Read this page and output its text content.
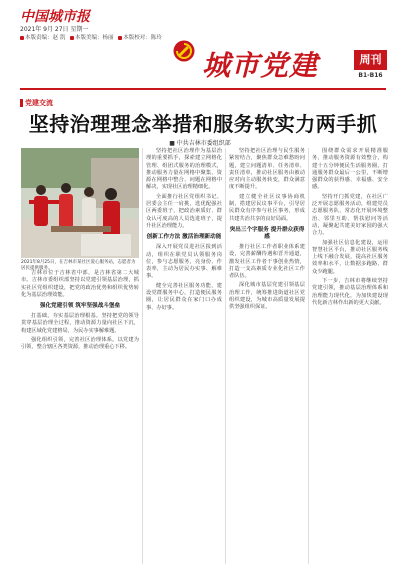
中国城市报
2021年 9月 27日 星期一
本版责编：赵 凯 本版美编：杨丽 本版校对：陈玲
城市党建	周刊
B1-B16
党建交流
坚持治理理念举措和服务软实力两手抓
■ 中共吉林市委组织部
2021年8月25日，在吉林市某社区爱心服务站，志愿者为居民提供服务。

吉林市位于吉林省中部，是吉林省第二大城市。吉林市委组织部坚持以党建引领基层治理，抓实社区党组织建设，把党的政治优势和组织优势转化为基层治理效能。

强化党建引领 筑牢坚强战斗堡垒

打基础，夯实基层治理根基。坚持把党的领导贯穿基层治理全过程，推动资源力量向社区下沉，构建区域化党建格局，为民办实事解难题。

强化组织引领，完善社区治理体系。以党建为引领，整合辖区各类资源，推动治理重心下移。

坚持把社区治理作为基层治理的重要抓手，探索建立网格化管理、组团式服务的治理模式，推动服务力量在网格中聚集、资源在网格中整合、问题在网格中解决，实现社区治理精细化。

全面推行社区党组织书记、居委会主任一肩挑，选优配强社区两委班子，把政治素质好、群众认可度高的人员选进班子，提升社区治理能力。

创新工作方法 激活治理新动能

深入开展党员进社区报到活动，组织在职党员认领服务岗位，参与志愿服务，亮身份、作表率，主动为居民办实事、解难事。

健全完善社区服务功能，建设党群服务中心，打造便民服务圈，让居民群众在家门口办成事、办好事。

坚持把社区治理与民生服务紧密结合，聚焦群众急难愁盼问题，建立问题清单、任务清单、责任清单，推动社区服务由被动应对向主动服务转变，群众满意度不断提升。

建立健全社区议事协商机制，搭建居民议事平台，引导居民群众有序参与社区事务，形成共建共治共享的良好局面。

突出三个字服务 提升群众获得感

推行社区工作者职业体系建设，完善薪酬待遇和晋升通道，激发社区工作者干事创业热情，打造一支高素质专业化社区工作者队伍。

深化城市基层党建引领基层治理工作，统筹推进街道社区党组织建设，为城市高质量发展提供坚强组织保证。

围绕群众需求开展精准服务，推动服务资源有效整合，构建十五分钟便民生活服务圈，打通服务群众最后一公里，不断增强群众的获得感、幸福感、安全感。

坚持开门抓党建，在社区广泛开展志愿服务活动，组建党员志愿服务队，常态化开展环境整治、邻里互助、帮扶慰问等活动，凝聚起共建美好家园的强大合力。

加强社区信息化建设，运用智慧社区平台，推动社区服务线上线下融合发展，提高社区服务效率和水平，让数据多跑路、群众少跑腿。

下一步，吉林市将继续坚持党建引领，推动基层治理体系和治理能力现代化，为加快建设现代化新吉林作出新的更大贡献。
